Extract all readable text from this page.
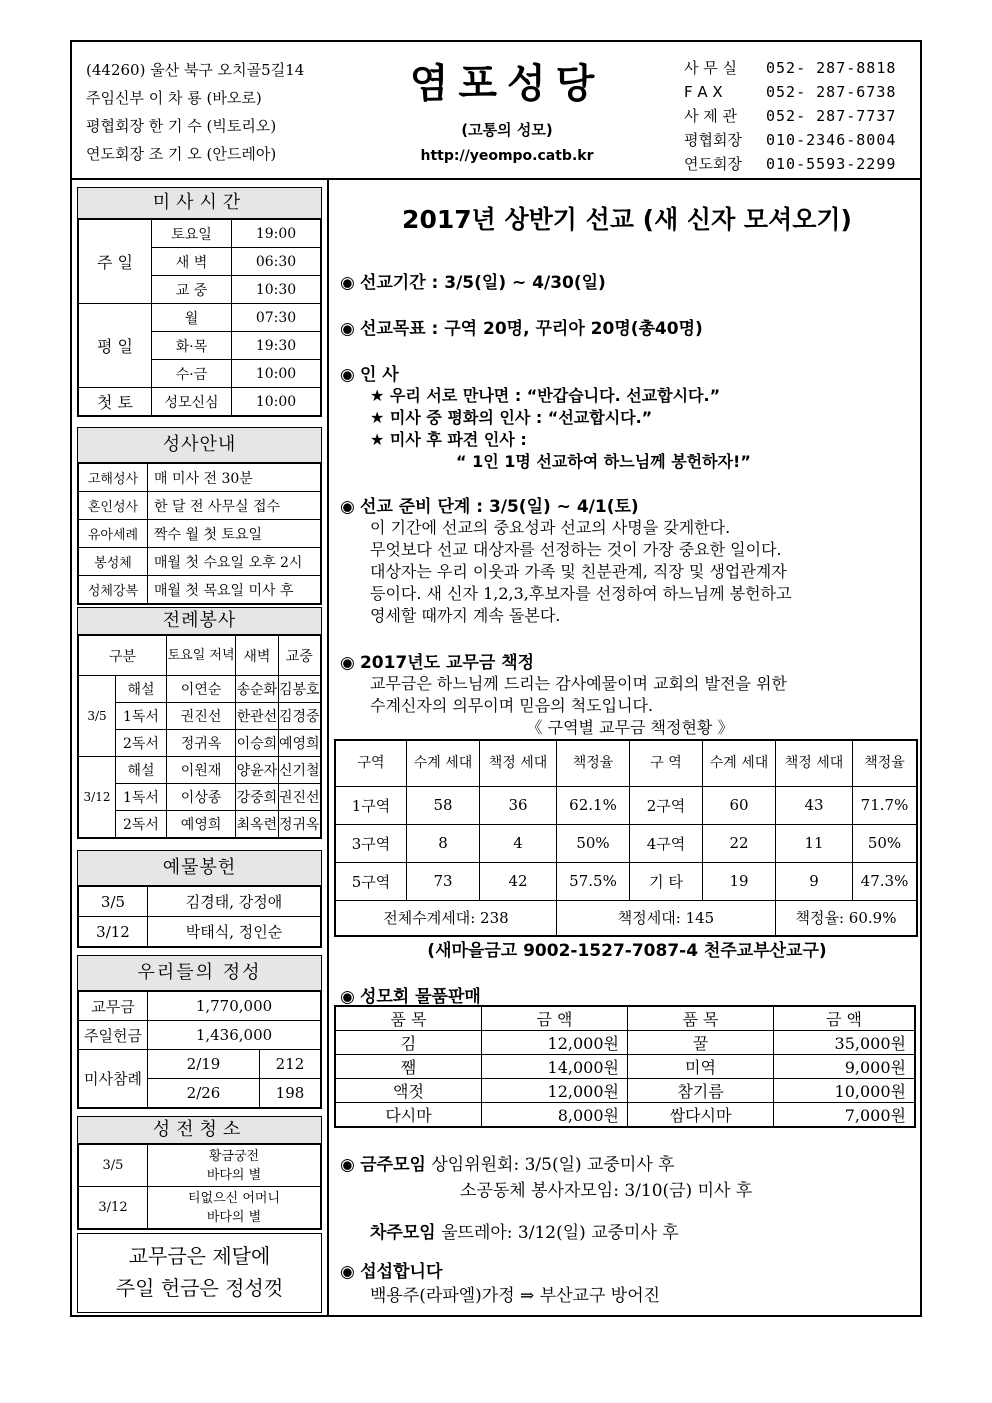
(44260) 울산 북구 오치골5길14
주임신부 이 차 룡 (바오로)
평협회장 한 기 수 (빅토리오)
연도회장 조 기 오 (안드레아)
염포성당
(고통의 성모)
http://yeompo.catb.kr
사 무 실 052- 287-8818
F A X	052- 287-6738
사 제 관 052- 287-7737
평협회장 010-2346-8004
연도회장 010-5593-2299
미사시간
주 일	토요일	19:00
	새 벽	06:30
	교 중	10:30
평 일	월	07:30
	화·목	19:30
	수·금	10:00
첫 토	성모신심	10:00
성사안내
고해성사	매 미사 전 30분
혼인성사	한 달 전 사무실 접수
유아세례	짝수 월 첫 토요일
봉성체	매월 첫 수요일 오후 2시
성체강복	매월 첫 목요일 미사 후
전례봉사
구분		토요일 저녁	새벽	교중
3/5	해설	이연순	송순화	김봉호
	1독서	권진선	한관선	김경중
	2독서	정귀옥	이승희	예영희
3/12	해설	이원재	양윤자	신기철
	1독서	이상종	강중희	권진선
	2독서	예영희	최옥련	정귀옥
예물봉헌
3/5	김경태, 강정애
3/12	박태식, 정인순
우리들의 정성
교무금	1,770,000	
주일헌금	1,436,000	
미사참례	2/19	212
	2/26	198
성전청소
3/5	황금궁전
바다의 별

3/12	티없으신 어머니
바다의 별
교무금은 제달에
주일 헌금은 정성껏
2017년 상반기 선교 (새 신자 모셔오기)
◉ 선교기간 : 3/5(일) ~ 4/30(일)
◉ 선교목표 : 구역 20명, 꾸리아 20명(총40명)
◉ 인 사
★ 우리 서로 만나면 : “반갑습니다. 선교합시다.”
★ 미사 중 평화의 인사 : “선교합시다.”
★ 미사 후 파견 인사 :
“ 1인 1명 선교하여 하느님께 봉헌하자!”
◉ 선교 준비 단계 : 3/5(일) ~ 4/1(토)
이 기간에 선교의 중요성과 선교의 사명을 갖게한다.
무엇보다 선교 대상자를 선정하는 것이 가장 중요한 일이다.
대상자는 우리 이웃과 가족 및 친분관계, 직장 및 생업관계자
등이다. 새 신자 1,2,3,후보자를 선정하여 하느님께 봉헌하고
영세할 때까지 계속 돌본다.
◉ 2017년도 교무금 책정
교무금은 하느님께 드리는 감사예물이며 교회의 발전을 위한
수계신자의 의무이며 믿음의 척도입니다.
《 구역별 교무금 책정현황 》
구역	수계 세대	책정 세대	책정율	구 역	수계 세대	책정 세대	책정율
1구역	58	36	62.1%	2구역	60	43	71.7%
3구역	8	4	50%	4구역	22	11	50%
5구역	73	42	57.5%	기 타	19	9	47.3%
전체수계세대: 238			책정세대: 145			책정율: 60.9%	
(새마을금고 9002-1527-7087-4 천주교부산교구)
◉ 성모회 물품판매
품 목	금 액	품 목	금 액
김	12,000원	꿀	35,000원
쨈	14,000원	미역	9,000원
액젓	12,000원	참기름	10,000원
다시마	8,000원	쌈다시마	7,000원
◉ 금주모임 상임위원회: 3/5(일) 교중미사 후
소공동체 봉사자모임: 3/10(금) 미사 후
차주모임 울뜨레아: 3/12(일) 교중미사 후
◉ 섭섭합니다
백용주(라파엘)가정 ⇒ 부산교구 방어진
